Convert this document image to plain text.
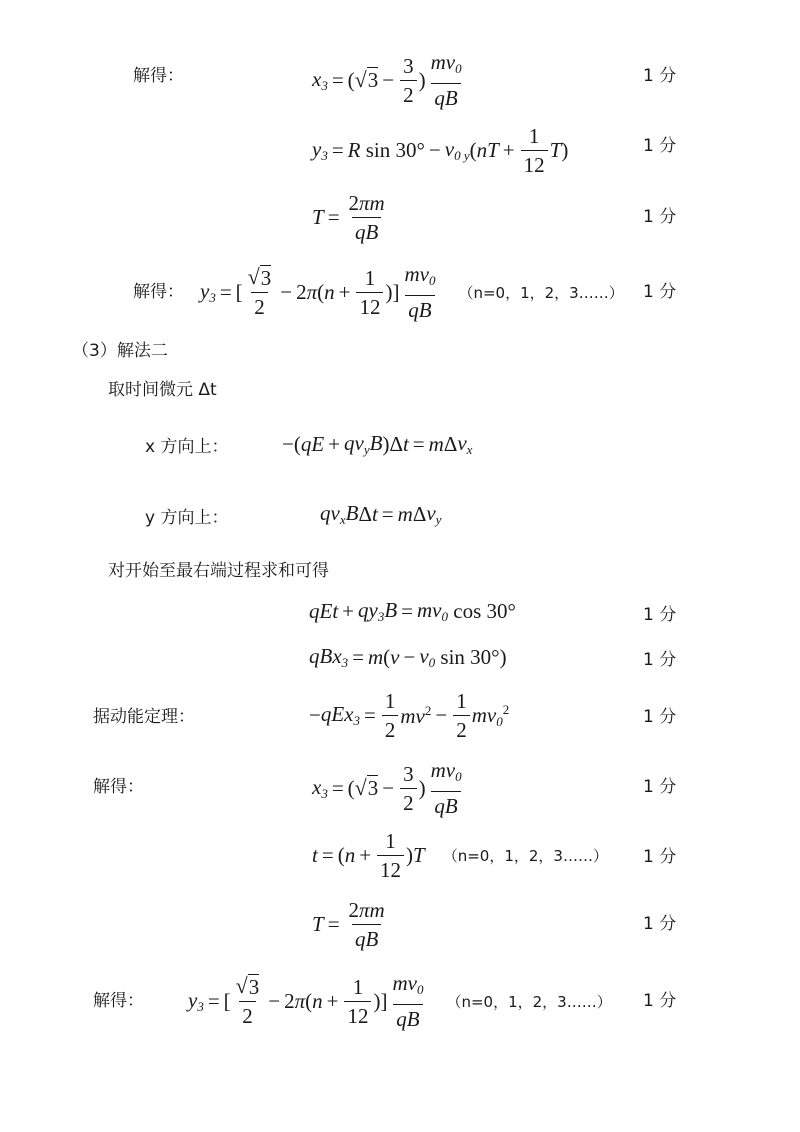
解得：	$x_3$ = ( √ $3 - \frac{3}{2}$ ) $\frac{mv_0}{qB}$	1 分
$y_3 = R$ $\sin 30^\circ - v_{0 y}$ ( nT + $\frac{1}{12}$ T )	1 分
$T = \frac{2\pi m}{qB}$	1 分
解得： $y_3$ = [ $\frac{√ 3}{2} - 2$ π ( $n + \frac{1}{12}$ )] $\frac{mv_0}{qB} (n=0$，1，2，3……） 1 分
（3）解法二
取时间微元 Δt
x 方向上：	−( qE + $qv_yB$ )Δ t = m Δ $v_x$
y 方向上：	$qv_xB$ Δ t = m Δ $v_y$
对开始至最右端过程求和可得
qEt + $qy_3B = mv_0$ cos 30°	1 分
qBx$_3$ = m ( $v - v_0$ sin 30°)	1 分
据动能定理：	− $qEx_3 = \frac{1}{2} mv^2 - \frac{1}{2} mv_0^2$	1 分
解得：	$x_3$ = ( √ $3 - \frac{3}{2}$ ) $\frac{mv_0}{qB}$	1 分
t = ( $n + \frac{1}{12}$ ) T （n=0，1，2，3……） 1 分
$T = \frac{2\pi m}{qB}$	1 分
解得： $y_3$ = [ $\frac{√ 3}{2} - 2$ π ( $n + \frac{1}{12}$ )] $\frac{mv_0}{qB} (n=0$，1，2，3……） 1 分
